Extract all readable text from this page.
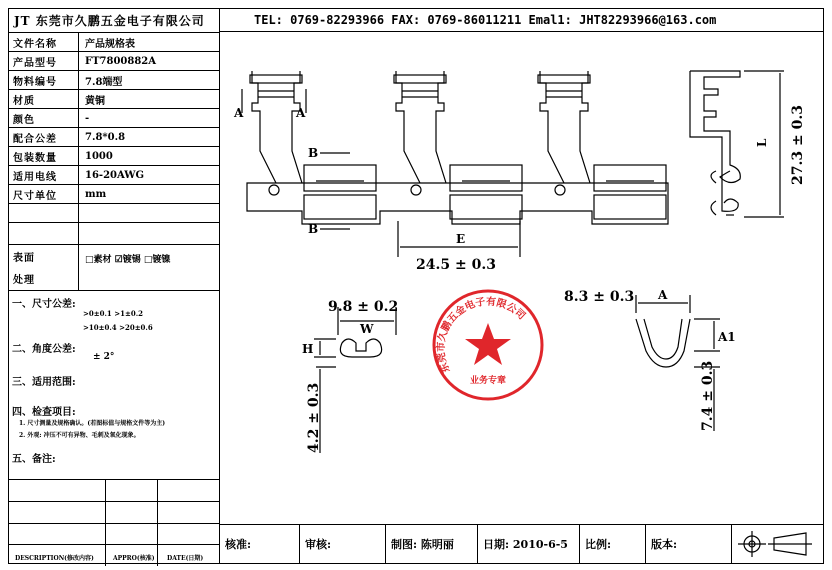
JT 东莞市久鹏五金电子有限公司
文件名称	产品规格表
产品型号	FT7800882A
物料编号	7.8端型
材质	黄铜
颜色	-
配合公差	7.8*0.8
包装数量	1000
适用电线	16-20AWG
尺寸单位	mm
表面
处理
□素材 ☑镀锡 □镀镍
一、尺寸公差:
>0±0.1 >1±0.2
>10±0.4 >20±0.6
二、角度公差:
± 2°
三、适用范围:
四、检查项目:
1. 尺寸测量及规格确认。(若图标值与规格文件等为主)
2. 外观: 冲压不可有异物、毛刺及氧化现象。
五、备注:
DESCRIPTION(修改内容)	APPRO(核准) DATE(日期)
TEL: 0769-82293966 FAX: 0769-86011211 Emal1: JHT82293966@163.com
A	A
B
B
E
24.5 ± 0.3
L 27.3 ± 0.3
9.8 ± 0.2
W
H
4.2 ± 0.3
8.3 ± 0.3 A
A1
7.4 ± 0.3
业务专章
东莞市久鹏五金电子有限公司
核准:	审核:	制图: 陈明丽	日期: 2010-6-5	比例:	版本:
